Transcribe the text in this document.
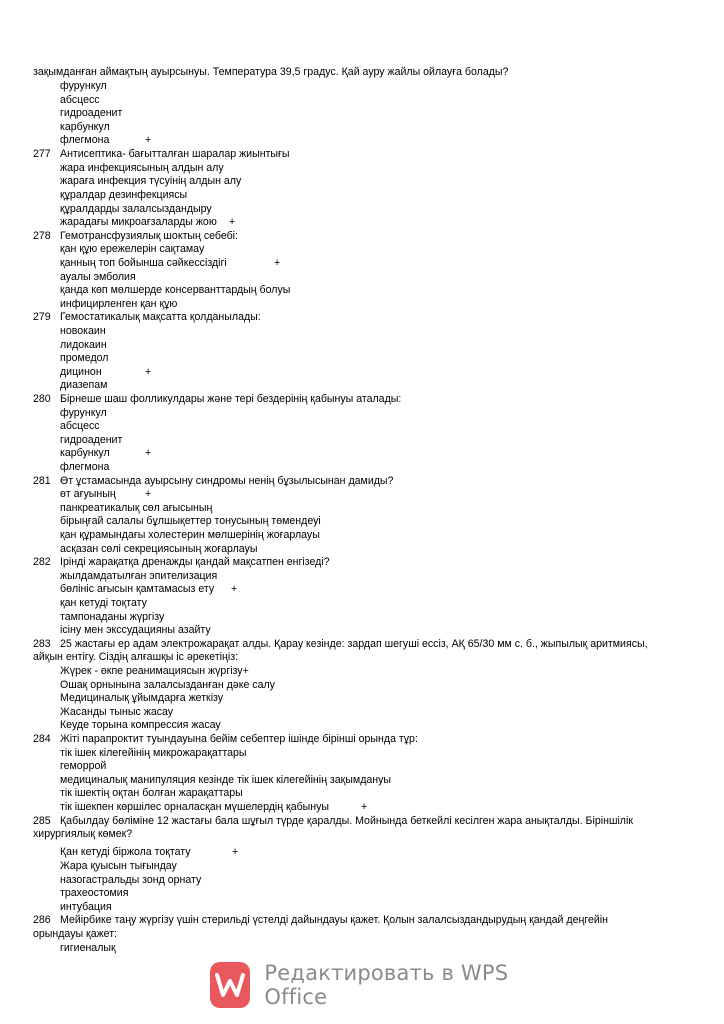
зақымданған аймақтың ауырсынуы. Температура 39,5 градус. Қай ауру жайлы ойлауға болады?
фурункул
абсцесс
гидроаденит
карбункул
флегмона	+
277 Антисептика- бағытталған шаралар жиынтығы
жара инфекциясының алдын алу
жараға инфекция түсуінің алдын алу
құралдар дезинфекциясы
құралдарды залалсыздандыру
жарадағы микроағзаларды жою +
278 Гемотрансфузиялық шоктың себебі:
қан құю ережелерін сақтамау
қанның топ бойынша сәйкессіздігі	+
ауалы эмболия
қанда көп мөлшерде консерванттардың болуы
инфицирленген қан құю
279 Гемостатикалық мақсатта қолданылады:
новокаин
лидокаин
промедол
дицинон	+
диазепам
280 Бірнеше шаш фолликулдары және тері бездерінің қабынуы аталады:
фурункул
абсцесс
гидроаденит
карбункул	+
флегмона
281 Өт ұстамасында ауырсыну синдромы ненің бұзылысынан дамиды?
өт ағуының	+
панкреатикалық сөл ағысының
бірыңғай салалы бұлшықеттер тонусының төмендеуі
қан құрамындағы холестерин мөлшерінің жоғарлауы
асқазан сөлі секрециясының жоғарлауы
282 Ірінді жарақатқа дренажды қандай мақсатпен енгізеді?
жылдамдатылған эпителизация
бөлініс ағысын қамтамасыз ету +
қан кетуді тоқтату
тампонаданы жүргізу
ісіну мен экссудацияны азайту
283 25 жастағы ер адам электрожарақат алды. Қарау кезінде: зардап шегуші ессіз, АҚ 65/30 мм с. б., жыпылық аритмиясы,
айқын ентігу. Сіздің алғашқы іс әрекетіңіз:
Жүрек - өкпе реанимациясын жүргізу+
Ошақ орнынына залалсызданған дәке салу
Медициналық ұйымдарға жеткізу
Жасанды тыныс жасау
Кеуде торына компрессия жасау
284 Жіті парапроктит туындауына бейім себептер ішінде бірінші орында тұр:
тік ішек кілегейінің микрожарақаттары
геморрой
медициналық манипуляция кезінде тік ішек кілегейінің зақымдануы
тік ішектің оқтан болған жарақаттары
тік ішекпен көршілес орналасқан мүшелердің қабынуы	+
285 Қабылдау бөліміне 12 жастағы бала шұғыл түрде қаралды. Мойнында беткейлі кесілген жара анықталды. Біріншілік
хирургиялық көмек?
Қан кетуді біржола тоқтату	+
Жара қуысын тығындау
назогастральды зонд орнату
трахеостомия
интубация
286 Мейірбике таңу жүргізу үшін стерильді үстелді дайындауы қажет. Қолын залалсыздандырудың қандай деңгейін
орындауы қажет:
гигиеналық
Редактировать в WPS Office
